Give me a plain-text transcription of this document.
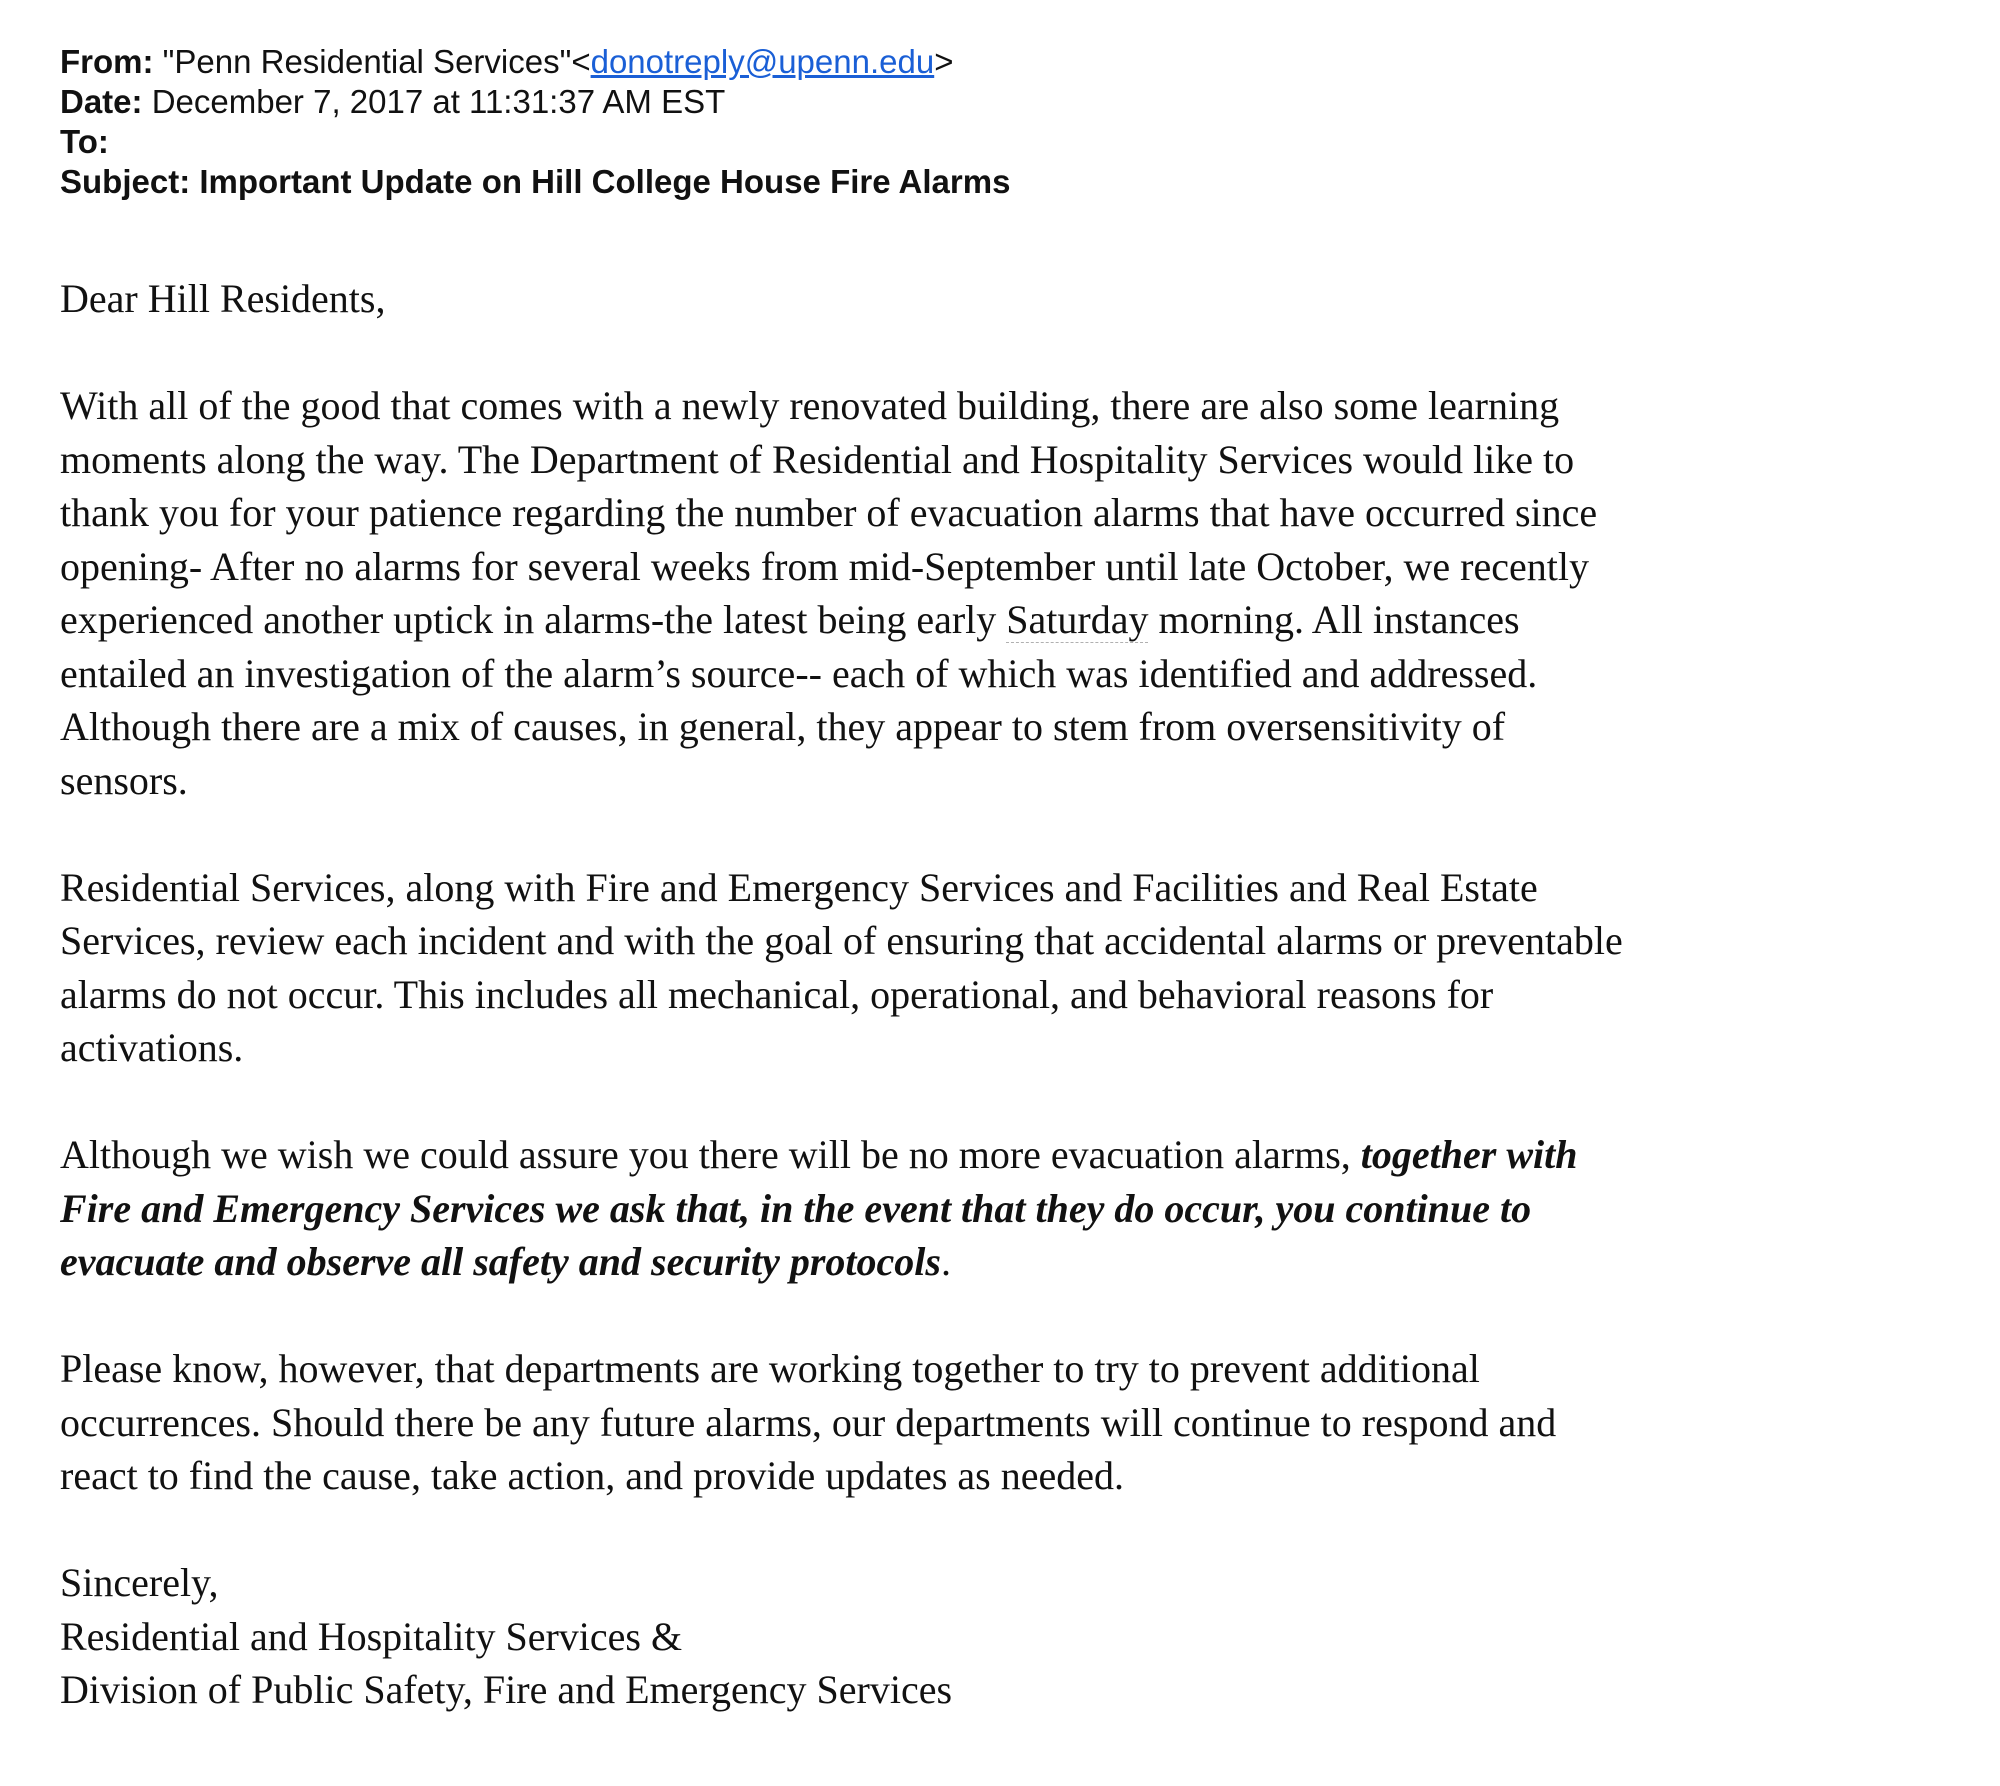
From: "Penn Residential Services"<donotreply@upenn.edu>
Date: December 7, 2017 at 11:31:37 AM EST
To:
Subject: Important Update on Hill College House Fire Alarms

Dear Hill Residents,

With all of the good that comes with a newly renovated building, there are also some learning
moments along the way. The Department of Residential and Hospitality Services would like to
thank you for your patience regarding the number of evacuation alarms that have occurred since
opening- After no alarms for several weeks from mid-September until late October, we recently
experienced another uptick in alarms-the latest being early Saturday morning. All instances
entailed an investigation of the alarm’s source-- each of which was identified and addressed.
Although there are a mix of causes, in general, they appear to stem from oversensitivity of
sensors.

Residential Services, along with Fire and Emergency Services and Facilities and Real Estate
Services, review each incident and with the goal of ensuring that accidental alarms or preventable
alarms do not occur. This includes all mechanical, operational, and behavioral reasons for
activations.

Although we wish we could assure you there will be no more evacuation alarms, together with
Fire and Emergency Services we ask that, in the event that they do occur, you continue to
evacuate and observe all safety and security protocols.

Please know, however, that departments are working together to try to prevent additional
occurrences. Should there be any future alarms, our departments will continue to respond and
react to find the cause, take action, and provide updates as needed.

Sincerely,
Residential and Hospitality Services &
Division of Public Safety, Fire and Emergency Services
